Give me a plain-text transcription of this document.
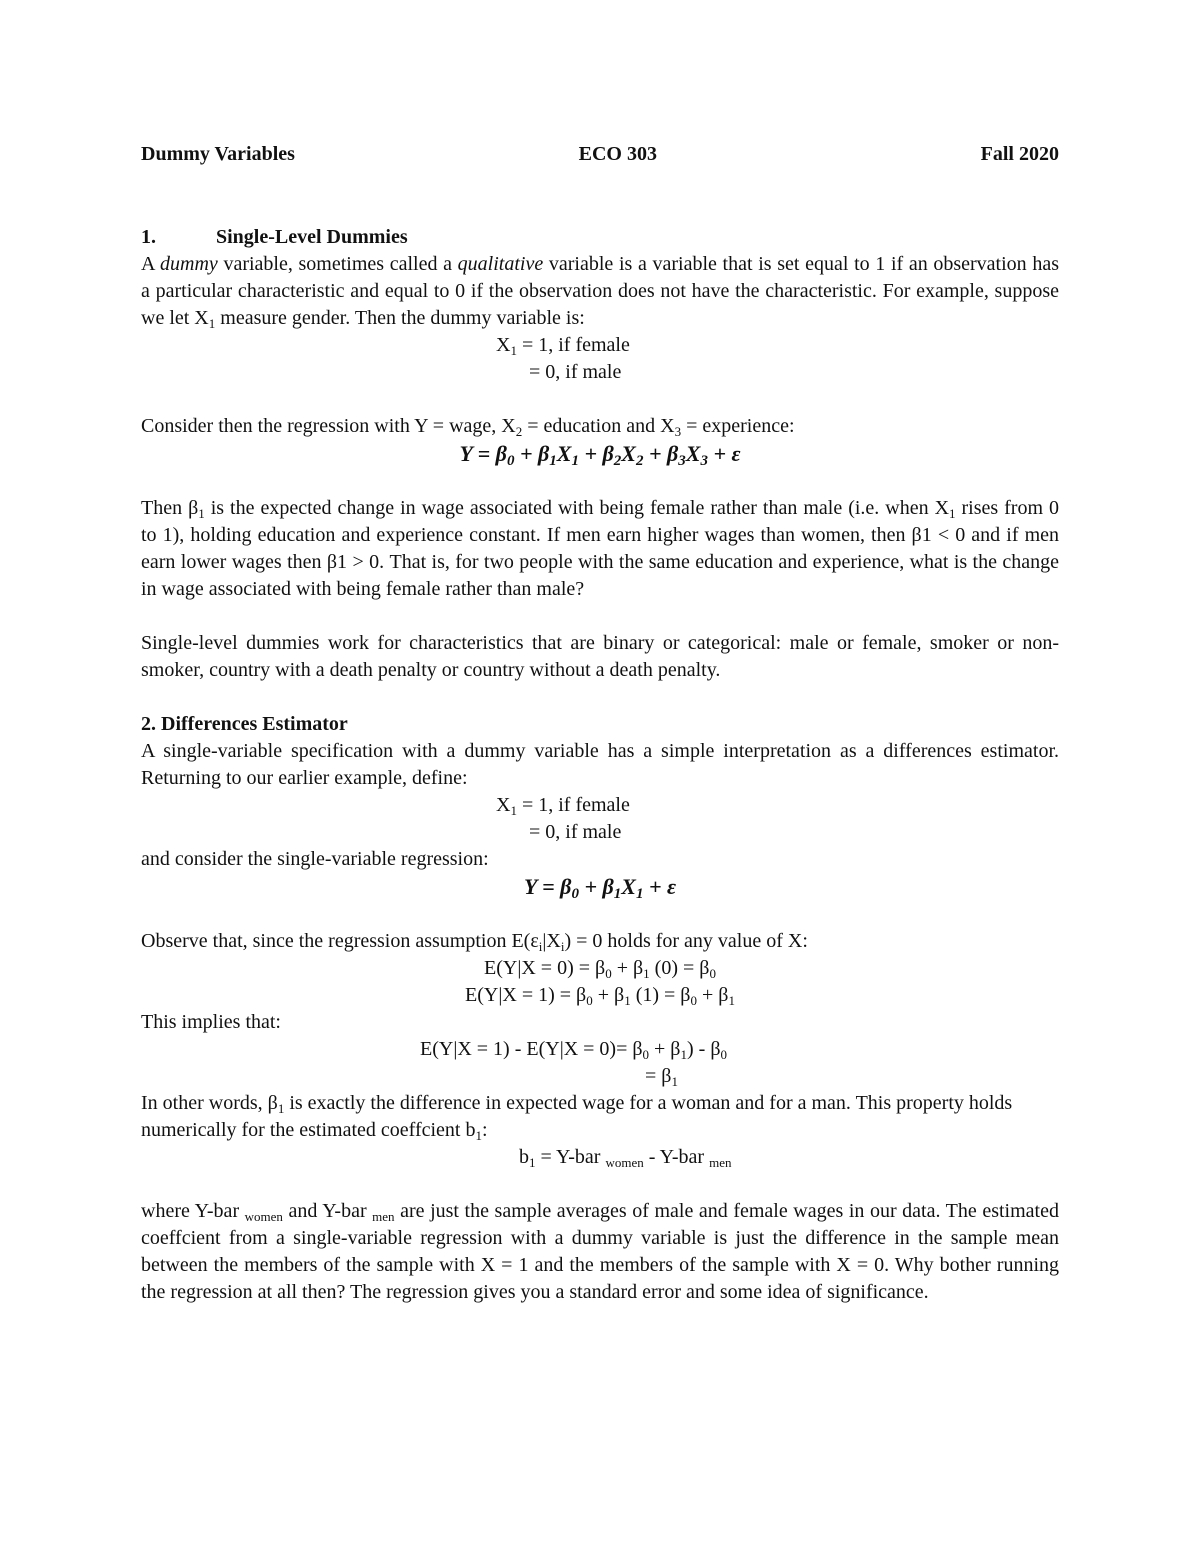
Dummy Variables	ECO 303	Fall 2020
1.	Single-Level Dummies

A dummy variable, sometimes called a qualitative variable is a variable that is set equal to 1 if an observation has a particular characteristic and equal to 0 if the observation does not have the characteristic. For example, suppose we let $X_1$ measure gender. Then the dummy variable is:

$X_1 = 1$, if female
= 0, if male

Consider then the regression with Y = wage, $X_2$ = education and $X_3$ = experience:

Y = β0 + β1X1 + β2X2 + β3X3 + ε

Then $\beta_1$ is the expected change in wage associated with being female rather than male (i.e. when $X_1$ rises from 0 to 1), holding education and experience constant. If men earn higher wages than women, then β1 < 0 and if men earn lower wages then β1 > 0. That is, for two people with the same education and experience, what is the change in wage associated with being female rather than male?

Single-level dummies work for characteristics that are binary or categorical: male or female, smoker or non-smoker, country with a death penalty or country without a death penalty.

2. Differences Estimator

A single-variable specification with a dummy variable has a simple interpretation as a differences estimator. Returning to our earlier example, define:

$X_1 = 1$, if female
= 0, if male

and consider the single-variable regression:

Y = β0 + β1X1 + ε

Observe that, since the regression assumption $E(\varepsilon_i|X_i) = 0$ holds for any value of X:

$E(Y|X = 0) = \beta_0 + \beta_1$ $(0) = \beta_0$

$E(Y|X = 1) = \beta_0 + \beta_1$ $(1) = \beta_0 + \beta_1$

This implies that:

$E(Y|X = 1) - E(Y|X = 0)= \beta_0 + \beta_1) - \beta_0$
= $\beta_1$

In other words, $\beta_1$ is exactly the difference in expected wage for a woman and for a man. This property holds numerically for the estimated coeffcient $b_1$:

$b_1 = Y-bar$ $_{women}$ - Y-bar $_{men}$

where Y-bar $_{women}$ and Y-bar $_{men}$ are just the sample averages of male and female wages in our data. The estimated coeffcient from a single-variable regression with a dummy variable is just the difference in the sample mean between the members of the sample with X = 1 and the members of the sample with X = 0. Why bother running the regression at all then? The regression gives you a standard error and some idea of significance.
